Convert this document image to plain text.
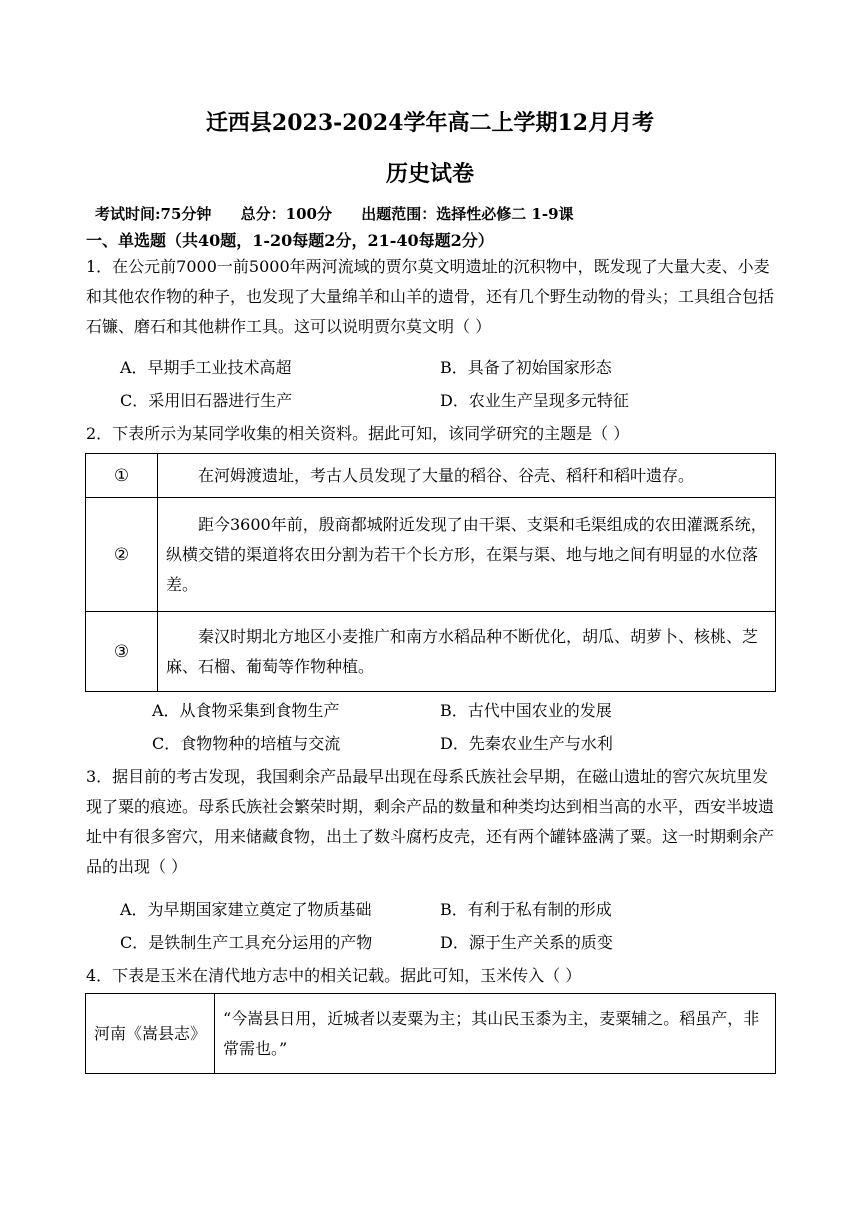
迁西县2023-2024学年高二上学期12月月考
历史试卷
考试时间:75分钟 总分：100分 出题范围：选择性必修二 1-9课
一、单选题（共40题，1-20每题2分，21-40每题2分）

1．在公元前7000一前5000年两河流域的贾尔莫文明遗址的沉积物中，既发现了大量大麦、小麦和其他农作物的种子，也发现了大量绵羊和山羊的遗骨，还有几个野生动物的骨头；工具组合包括石镰、磨石和其他耕作工具。这可以说明贾尔莫文明（ ）

A．早期手工业技术高超	B．具备了初始国家形态
C．采用旧石器进行生产	D．农业生产呈现多元特征

2．下表所示为某同学收集的相关资料。据此可知，该同学研究的主题是（ ）

①	在河姆渡遗址，考古人员发现了大量的稻谷、谷壳、稻秆和稻叶遗存。
②	距今3600年前，殷商都城附近发现了由干渠、支渠和毛渠组成的农田灌溉系统，纵横交错的渠道将农田分割为若干个长方形，在渠与渠、地与地之间有明显的水位落差。
③	秦汉时期北方地区小麦推广和南方水稻品种不断优化，胡瓜、胡萝卜、核桃、芝麻、石榴、葡萄等作物种植。
A．从食物采集到食物生产	B．古代中国农业的发展
C．食物物种的培植与交流	D．先秦农业生产与水利

3．据目前的考古发现，我国剩余产品最早出现在母系氏族社会早期，在磁山遗址的窖穴灰坑里发现了粟的痕迹。母系氏族社会繁荣时期，剩余产品的数量和种类均达到相当高的水平，西安半坡遗址中有很多窖穴，用来储藏食物，出土了数斗腐朽皮壳，还有两个罐钵盛满了粟。这一时期剩余产品的出现（ ）

A．为早期国家建立奠定了物质基础	B．有利于私有制的形成
C．是铁制生产工具充分运用的产物	D．源于生产关系的质变

4．下表是玉米在清代地方志中的相关记载。据此可知，玉米传入（ ）

河南《嵩县志》	“今嵩县日用，近城者以麦粟为主；其山民玉黍为主，麦粟辅之。稻虽产，非常需也。”
